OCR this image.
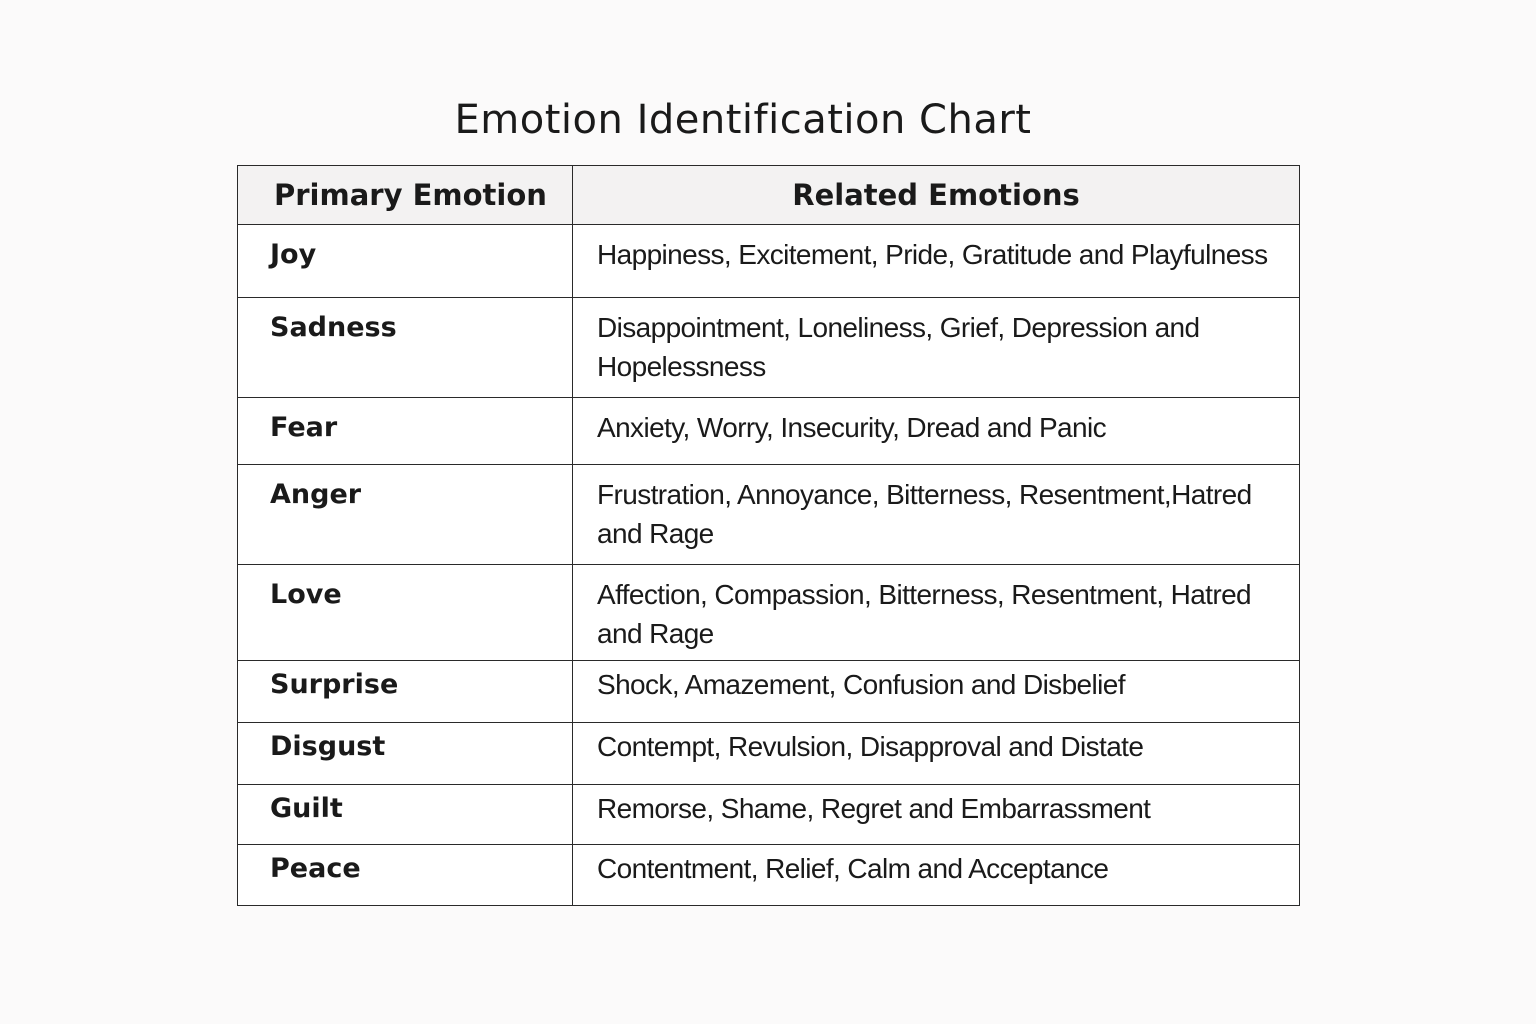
Emotion Identification Chart
Primary Emotion	Related Emotions
Joy	Happiness, Excitement, Pride, Gratitude and Playfulness
Sadness	Disappointment, Loneliness, Grief, Depression and Hopelessness
Fear	Anxiety, Worry, Insecurity, Dread and Panic
Anger	Frustration, Annoyance, Bitterness, Resentment,Hatred and Rage
Love	Affection, Compassion, Bitterness, Resentment, Hatred and Rage
Surprise	Shock, Amazement, Confusion and Disbelief
Disgust	Contempt, Revulsion, Disapproval and Distate
Guilt	Remorse, Shame, Regret and Embarrassment
Peace	Contentment, Relief, Calm and Acceptance
